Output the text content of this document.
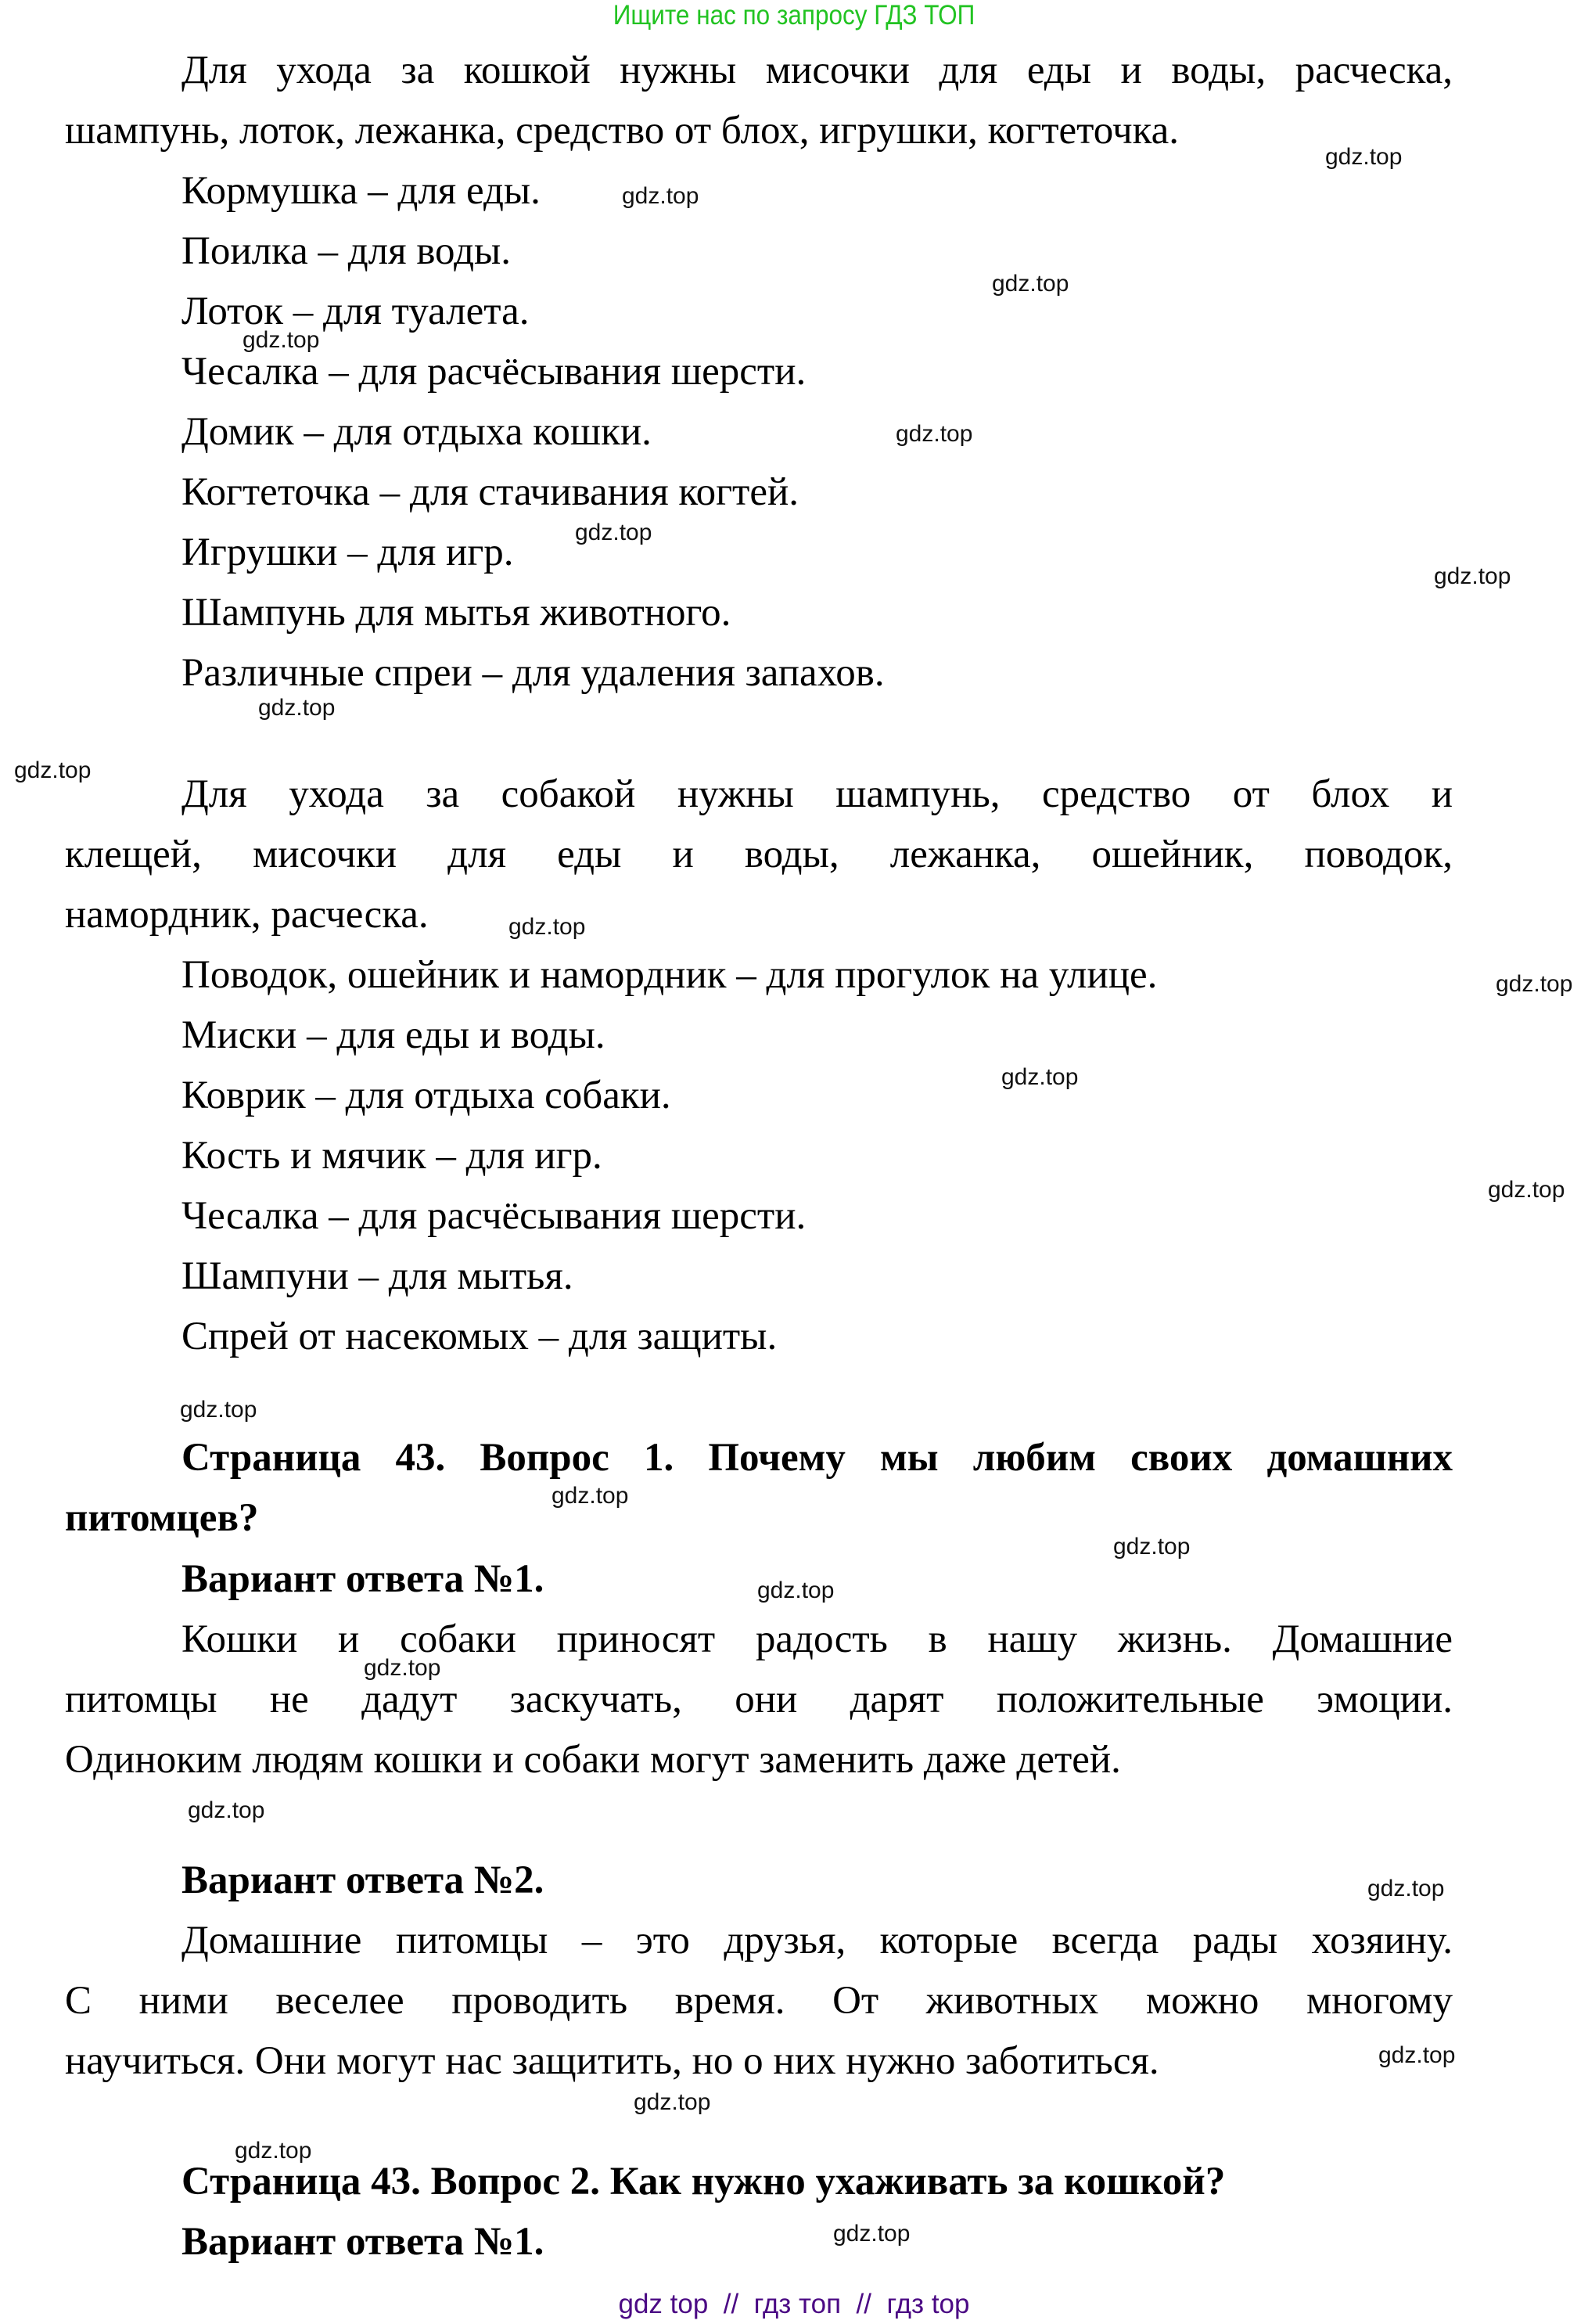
Ищите нас по запросу ГДЗ ТОП
Для ухода за кошкой нужны мисочки для еды и воды, расческа,
шампунь, лоток, лежанка, средство от блох, игрушки, когтеточка.
Кормушка – для еды.
Поилка – для воды.
Лоток – для туалета.
Чесалка – для расчёсывания шерсти.
Домик – для отдыха кошки.
Когтеточка – для стачивания когтей.
Игрушки – для игр.
Шампунь для мытья животного.
Различные спреи – для удаления запахов.
Для ухода за собакой нужны шампунь, средство от блох и
клещей, мисочки для еды и воды, лежанка, ошейник, поводок,
намордник, расческа.
Поводок, ошейник и намордник – для прогулок на улице.
Миски – для еды и воды.
Коврик – для отдыха собаки.
Кость и мячик – для игр.
Чесалка – для расчёсывания шерсти.
Шампуни – для мытья.
Спрей от насекомых – для защиты.
Страница 43. Вопрос 1. Почему мы любим своих домашних
питомцев?
Вариант ответа №1.
Кошки и собаки приносят радость в нашу жизнь. Домашние
питомцы не дадут заскучать, они дарят положительные эмоции.
Одиноким людям кошки и собаки могут заменить даже детей.
Вариант ответа №2.
Домашние питомцы – это друзья, которые всегда рады хозяину.
С ними веселее проводить время. От животных можно многому
научиться. Они могут нас защитить, но о них нужно заботиться.
Страница 43. Вопрос 2. Как нужно ухаживать за кошкой?
Вариант ответа №1.
gdz.top
gdz.top
gdz.top
gdz.top
gdz.top
gdz.top
gdz.top
gdz.top
gdz.top
gdz.top
gdz.top
gdz.top
gdz.top
gdz.top
gdz.top
gdz.top
gdz.top
gdz.top
gdz.top
gdz.top
gdz.top
gdz.top
gdz.top
gdz.top
gdz top  //  гдз топ  //  гдз top
